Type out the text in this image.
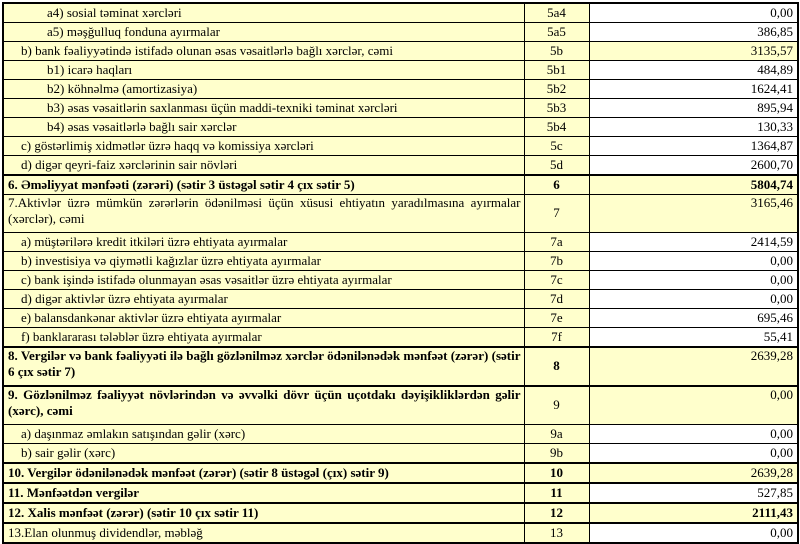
a4) sosial təminat xərcləri	5a4	0,00
a5) məşğulluq fonduna ayırmalar	5a5	386,85
b) bank fəaliyyətində istifadə olunan əsas vəsaitlərlə bağlı xərclər, cəmi	5b	3135,57
b1) icarə haqları	5b1	484,89
b2) köhnəlmə (amortizasiya)	5b2	1624,41
b3) əsas vəsaitlərin saxlanması üçün maddi-texniki təminat xərcləri	5b3	895,94
b4) əsas vəsaitlərlə bağlı sair xərclər	5b4	130,33
c) göstərlimiş xidmətlər üzrə haqq və komissiya xərcləri	5c	1364,87
d) digər qeyri-faiz xərclərinin sair növləri	5d	2600,70
6. Əməliyyat mənfəəti (zərəri) (sətir 3 üstəgəl sətir 4 çıx sətir 5)	6	5804,74
7.Aktivlər üzrə mümkün zərərlərin ödənilməsi üçün xüsusi ehtiyatın yaradılmasına ayırmalar (xərclər), cəmi	7	3165,46
a) müştərilərə kredit itkiləri üzrə ehtiyata ayırmalar	7a	2414,59
b) investisiya və qiymətli kağızlar üzrə ehtiyata ayırmalar	7b	0,00
c) bank işində istifadə olunmayan əsas vəsaitlər üzrə ehtiyata ayırmalar	7c	0,00
d) digər aktivlər üzrə ehtiyata ayırmalar	7d	0,00
e) balansdankənar aktivlər üzrə ehtiyata ayırmalar	7e	695,46
f) banklararası tələblər üzrə ehtiyata ayırmalar	7f	55,41
8. Vergilər və bank fəaliyyəti ilə bağlı gözlənilməz xərclər ödənilənədək mənfəət (zərər) (sətir 6 çıx sətir 7)	8	2639,28
9. Gözlənilməz fəaliyyət növlərindən və əvvəlki dövr üçün uçotdakı dəyişikliklərdən gəlir (xərc), cəmi	9	0,00
a) daşınmaz əmlakın satışından gəlir (xərc)	9a	0,00
b) sair gəlir (xərc)	9b	0,00
10. Vergilər ödənilənədək mənfəət (zərər) (sətir 8 üstəgəl (çıx) sətir 9)	10	2639,28
11. Mənfəətdən vergilər	11	527,85
12. Xalis mənfəət (zərər) (sətir 10 çıx sətir 11)	12	2111,43
13.Elan olunmuş dividendlər, məbləğ	13	0,00
